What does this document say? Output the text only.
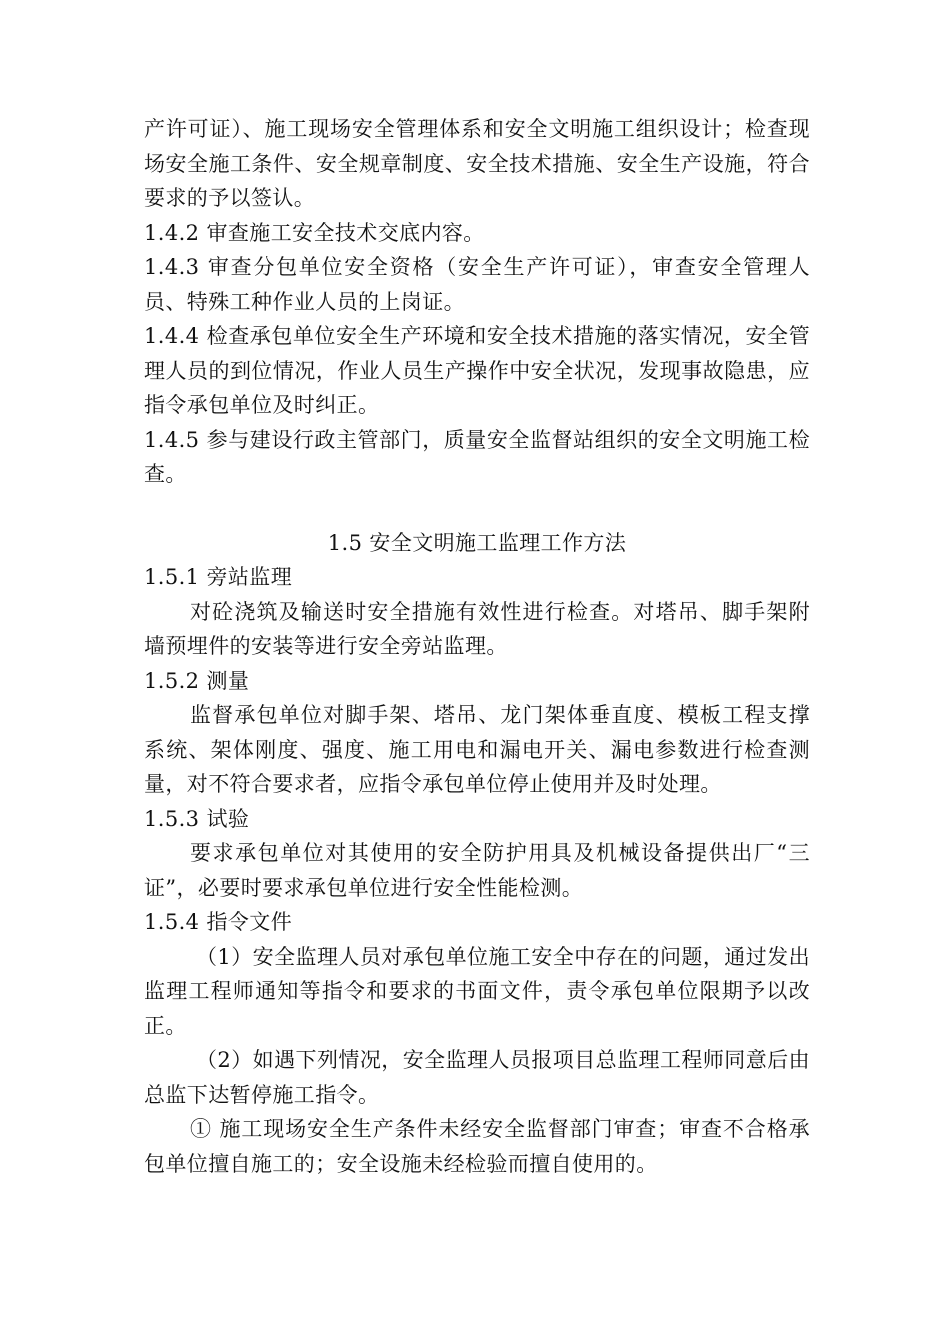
产许可证）、施工现场安全管理体系和安全文明施工组织设计；检查现场安全施工条件、安全规章制度、安全技术措施、安全生产设施，符合要求的予以签认。

1.4.2 审查施工安全技术交底内容。

1.4.3 审查分包单位安全资格（安全生产许可证），审查安全管理人员、特殊工种作业人员的上岗证。

1.4.4 检查承包单位安全生产环境和安全技术措施的落实情况，安全管理人员的到位情况，作业人员生产操作中安全状况，发现事故隐患，应指令承包单位及时纠正。

1.4.5 参与建设行政主管部门，质量安全监督站组织的安全文明施工检查。

1.5 安全文明施工监理工作方法

1.5.1 旁站监理

对砼浇筑及输送时安全措施有效性进行检查。对塔吊、脚手架附墙预埋件的安装等进行安全旁站监理。

1.5.2 测量

监督承包单位对脚手架、塔吊、龙门架体垂直度、模板工程支撑系统、架体刚度、强度、施工用电和漏电开关、漏电参数进行检查测量，对不符合要求者，应指令承包单位停止使用并及时处理。

1.5.3 试验

要求承包单位对其使用的安全防护用具及机械设备提供出厂“三证”，必要时要求承包单位进行安全性能检测。

1.5.4 指令文件

（1）安全监理人员对承包单位施工安全中存在的问题，通过发出监理工程师通知等指令和要求的书面文件，责令承包单位限期予以改正。

（2）如遇下列情况，安全监理人员报项目总监理工程师同意后由总监下达暂停施工指令。

① 施工现场安全生产条件未经安全监督部门审查；审查不合格承包单位擅自施工的；安全设施未经检验而擅自使用的。
